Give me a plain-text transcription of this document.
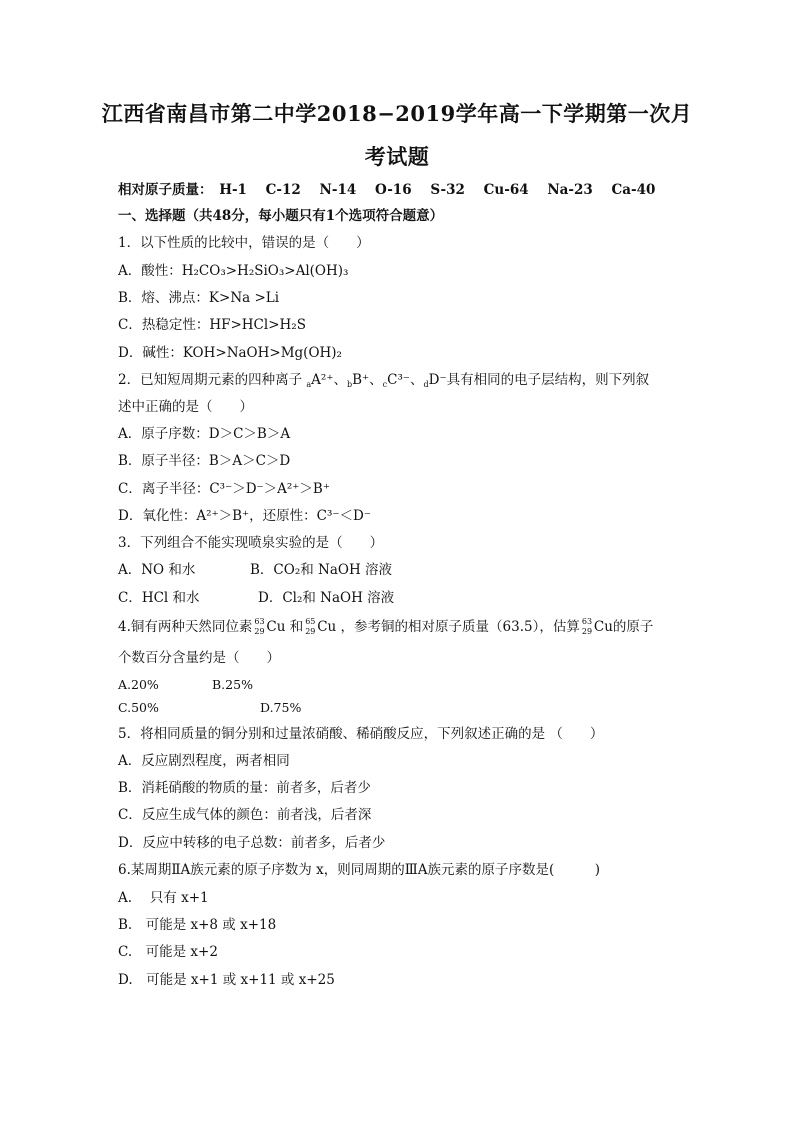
江西省南昌市第二中学2018−2019学年高一下学期第一次月
考试题
相对原子质量： H-1 C-12 N-14 O-16 S-32 Cu-64 Na-23 Ca-40
一、选择题（共48分，每小题只有1个选项符合题意）
1．以下性质的比较中，错误的是（　　）
A．酸性：H₂CO₃>H₂SiO₃>Al(OH)₃
B．熔、沸点：K>Na >Li
C．热稳定性：HF>HCl>H₂S
D．碱性：KOH>NaOH>Mg(OH)₂
2．已知短周期元素的四种离子 $_a$A²⁺、$_b$B⁺、$_c$C³⁻、$_d$D⁻具有相同的电子层结构，则下列叙
述中正确的是（　　）
A．原子序数：D＞C＞B＞A
B．原子半径：B＞A＞C＞D
C．离子半径：C³⁻＞D⁻＞A²⁺＞B⁺
D．氧化性：A²⁺＞B⁺，还原性：C³⁻＜D⁻
3．下列组合不能实现喷泉实验的是（　　）
A．NO 和水	B．CO₂和 NaOH 溶液
C．HCl 和水	D．Cl₂和 NaOH 溶液
4.铜有两种天然同位素 63
29 Cu 和 65
29 Cu ，参考铜的相对原子质量（63.5），估算 63
29 Cu的原子
个数百分含量约是（　　）
A.20%	B.25%
C.50%	D.75%
5．将相同质量的铜分别和过量浓硝酸、稀硝酸反应，下列叙述正确的是 （　　）
A．反应剧烈程度，两者相同
B．消耗硝酸的物质的量：前者多，后者少
C．反应生成气体的颜色：前者浅，后者深
D．反应中转移的电子总数：前者多，后者少
6.某周期ⅡA族元素的原子序数为 x，则同周期的ⅢA族元素的原子序数是(　　　)
A.　 只有 x+1
B.　可能是 x+8 或 x+18
C.　可能是 x+2
D.　可能是 x+1 或 x+11 或 x+25
